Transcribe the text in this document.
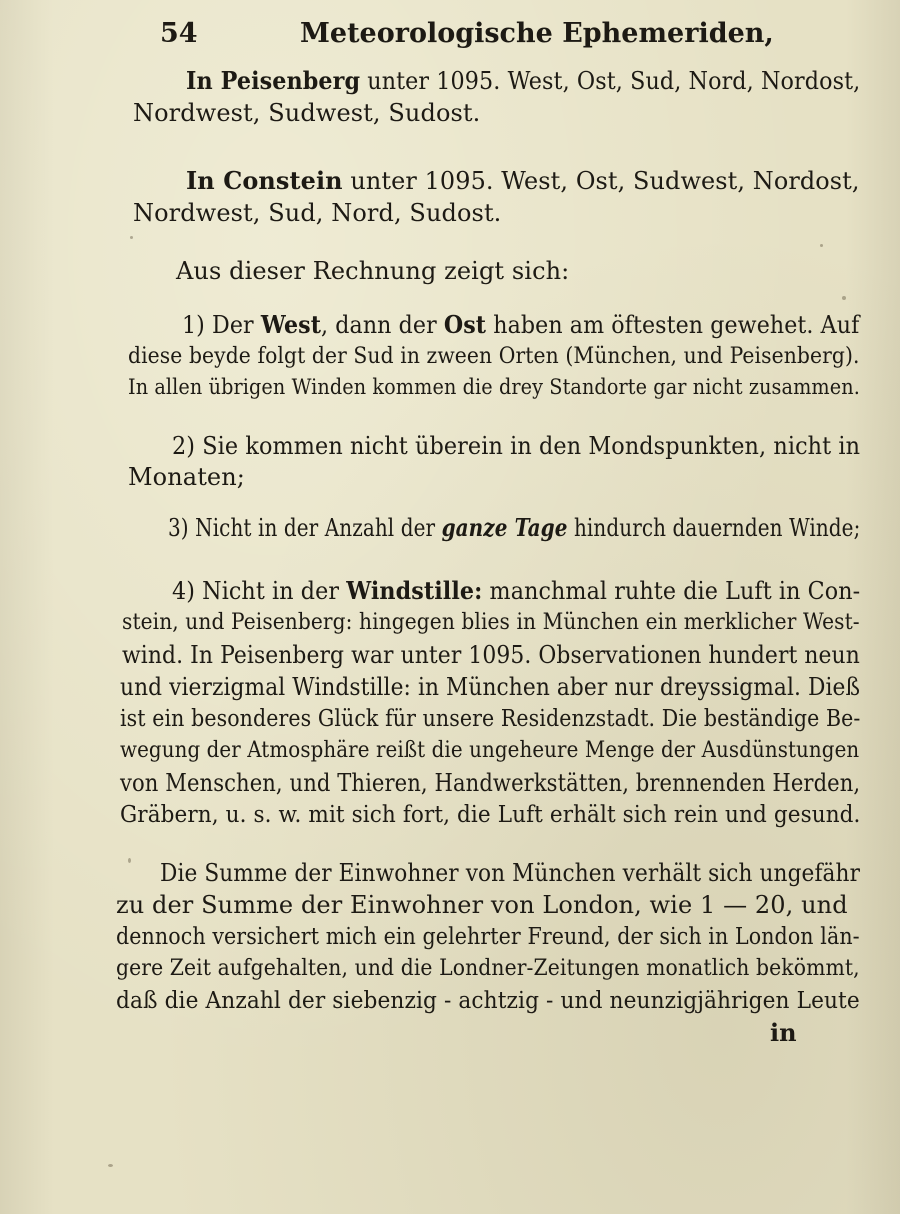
54	Meteorologische Ephemeriden,
In Peisenberg unter 1095. West, Ost, Sud, Nord, Nordost,
Nordwest, Sudwest, Sudost.
In Constein unter 1095. West, Ost, Sudwest, Nordost,
Nordwest, Sud, Nord, Sudost.
Aus dieser Rechnung zeigt sich:
1) Der West, dann der Ost haben am öftesten gewehet. Auf
diese beyde folgt der Sud in zween Orten (München, und Peisenberg).
In allen übrigen Winden kommen die drey Standorte gar nicht zusammen.
2) Sie kommen nicht überein in den Mondspunkten, nicht in
Monaten;
3) Nicht in der Anzahl der ganze Tage hindurch dauernden Winde;
4) Nicht in der Windstille: manchmal ruhte die Luft in Con-
stein, und Peisenberg: hingegen blies in München ein merklicher West-
wind. In Peisenberg war unter 1095. Observationen hundert neun
und vierzigmal Windstille: in München aber nur dreyssigmal. Dieß
ist ein besonderes Glück für unsere Residenzstadt. Die beständige Be-
wegung der Atmosphäre reißt die ungeheure Menge der Ausdünstungen
von Menschen, und Thieren, Handwerkstätten, brennenden Herden,
Gräbern, u. s. w. mit sich fort, die Luft erhält sich rein und gesund.
Die Summe der Einwohner von München verhält sich ungefähr
zu der Summe der Einwohner von London, wie 1 — 20, und
dennoch versichert mich ein gelehrter Freund, der sich in London län-
gere Zeit aufgehalten, und die Londner-Zeitungen monatlich bekömmt,
daß die Anzahl der siebenzig - achtzig - und neunzigjährigen Leute
in
